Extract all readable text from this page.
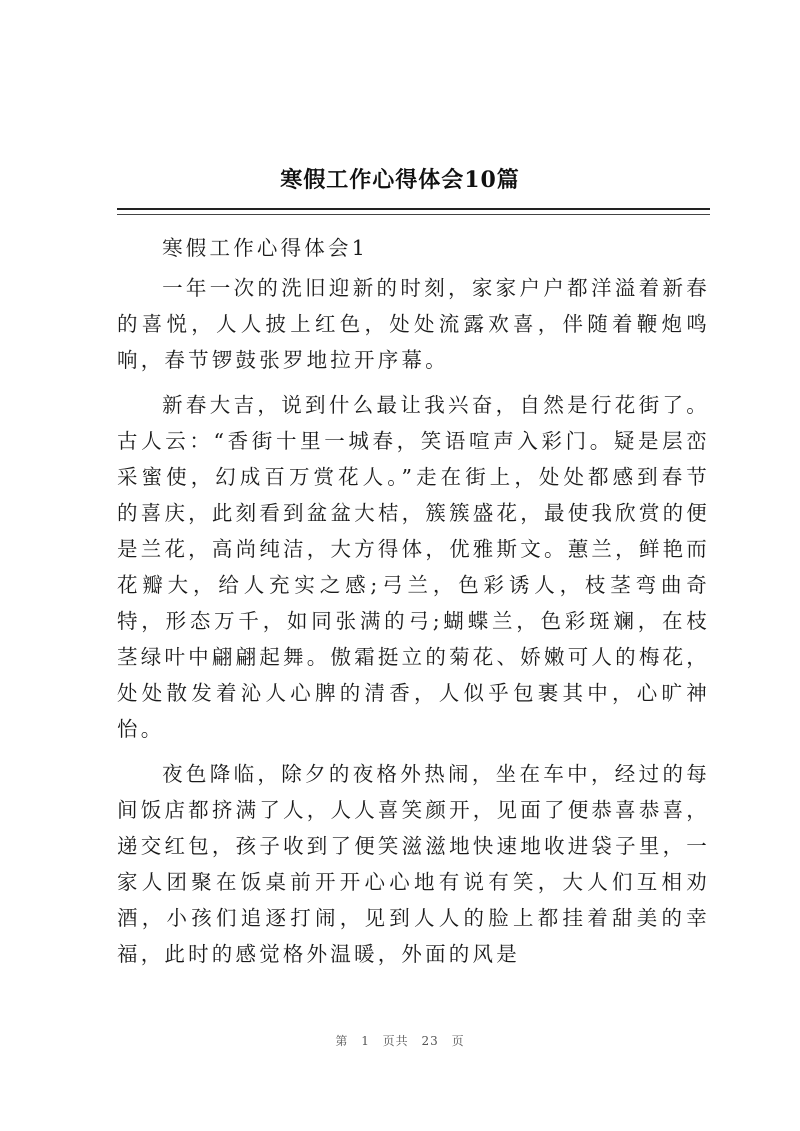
寒假工作心得体会10篇

寒假工作心得体会1

一年一次的洗旧迎新的时刻，家家户户都洋溢着新春的喜悦，人人披上红色，处处流露欢喜，伴随着鞭炮鸣响，春节锣鼓张罗地拉开序幕。

新春大吉，说到什么最让我兴奋，自然是行花街了。古人云：“香街十里一城春，笑语喧声入彩门。疑是层峦采蜜使，幻成百万赏花人。”走在街上，处处都感到春节的喜庆，此刻看到盆盆大桔，簇簇盛花，最使我欣赏的便是兰花，高尚纯洁，大方得体，优雅斯文。蕙兰，鲜艳而花瓣大，给人充实之感;弓兰，色彩诱人，枝茎弯曲奇特，形态万千，如同张满的弓;蝴蝶兰，色彩斑斓，在枝茎绿叶中翩翩起舞。傲霜挺立的菊花、娇嫩可人的梅花，处处散发着沁人心脾的清香，人似乎包裹其中，心旷神怡。

夜色降临，除夕的夜格外热闹，坐在车中，经过的每间饭店都挤满了人，人人喜笑颜开，见面了便恭喜恭喜，递交红包，孩子收到了便笑滋滋地快速地收进袋子里，一家人团聚在饭桌前开开心心地有说有笑，大人们互相劝酒，小孩们追逐打闹，见到人人的脸上都挂着甜美的幸福，此时的感觉格外温暖，外面的风是

第 1 页共 23 页
